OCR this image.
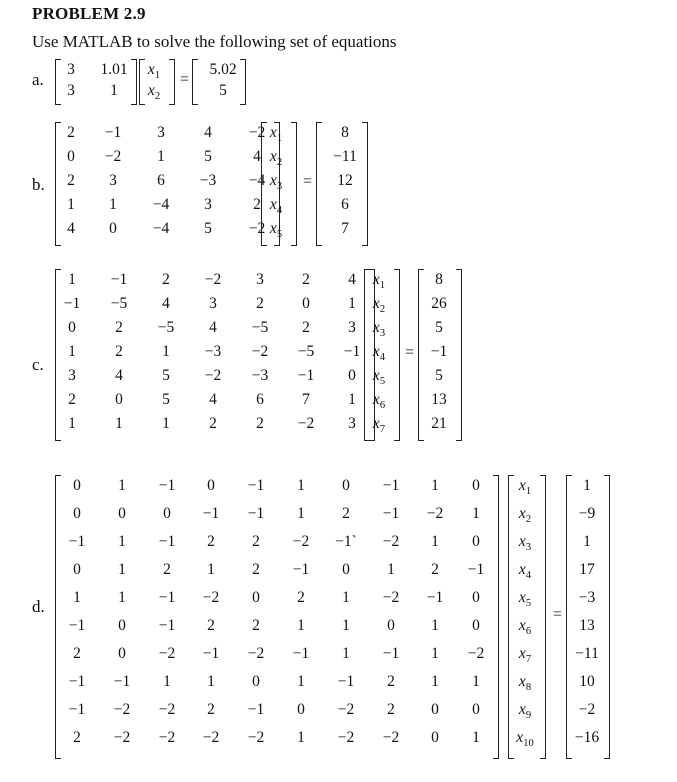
PROBLEM 2.9
Use MATLAB to solve the following set of equations
a.
3	1.01
3	1
$x_1$
$x_2$
5.02
5
=
b.
2	−1	3	4	−2
0	−2	1	5	4
2	3	6	−3	−4
1	1	−4	3	2
4	0	−4	5	−2
$x_1$
$x_2$
$x_3$
$x_4$
$x_5$
8
−11
12
6
7
=
c.
1	−1	2	−2	3	2	4
−1	−5	4	3	2	0	1
0	2	−5	4	−5	2	3
1	2	1	−3	−2	−5	−1
3	4	5	−2	−3	−1	0
2	0	5	4	6	7	1
1	1	1	2	2	−2	3
$x_1$
$x_2$
$x_3$
$x_4$
$x_5$
$x_6$
$x_7$
8
26
5
−1
5
13
21
=
d.
0	1	−1	0	−1	1	0	−1	1	0
0	0	0	−1	−1	1	2	−1	−2	1
−1	1	−1	2	2	−2	−1`	−2	1	0
0	1	2	1	2	−1	0	1	2	−1
1	1	−1	−2	0	2	1	−2	−1	0
−1	0	−1	2	2	1	1	0	1	0
2	0	−2	−1	−2	−1	1	−1	1	−2
−1	−1	1	1	0	1	−1	2	1	1
−1	−2	−2	2	−1	0	−2	2	0	0
2	−2	−2	−2	−2	1	−2	−2	0	1
$x_1$
$x_2$
$x_3$
$x_4$
$x_5$
$x_6$
$x_7$
$x_8$
$x_9$
$x_{10}$
1
−9
1
17
−3
13
−11
10
−2
−16
=
